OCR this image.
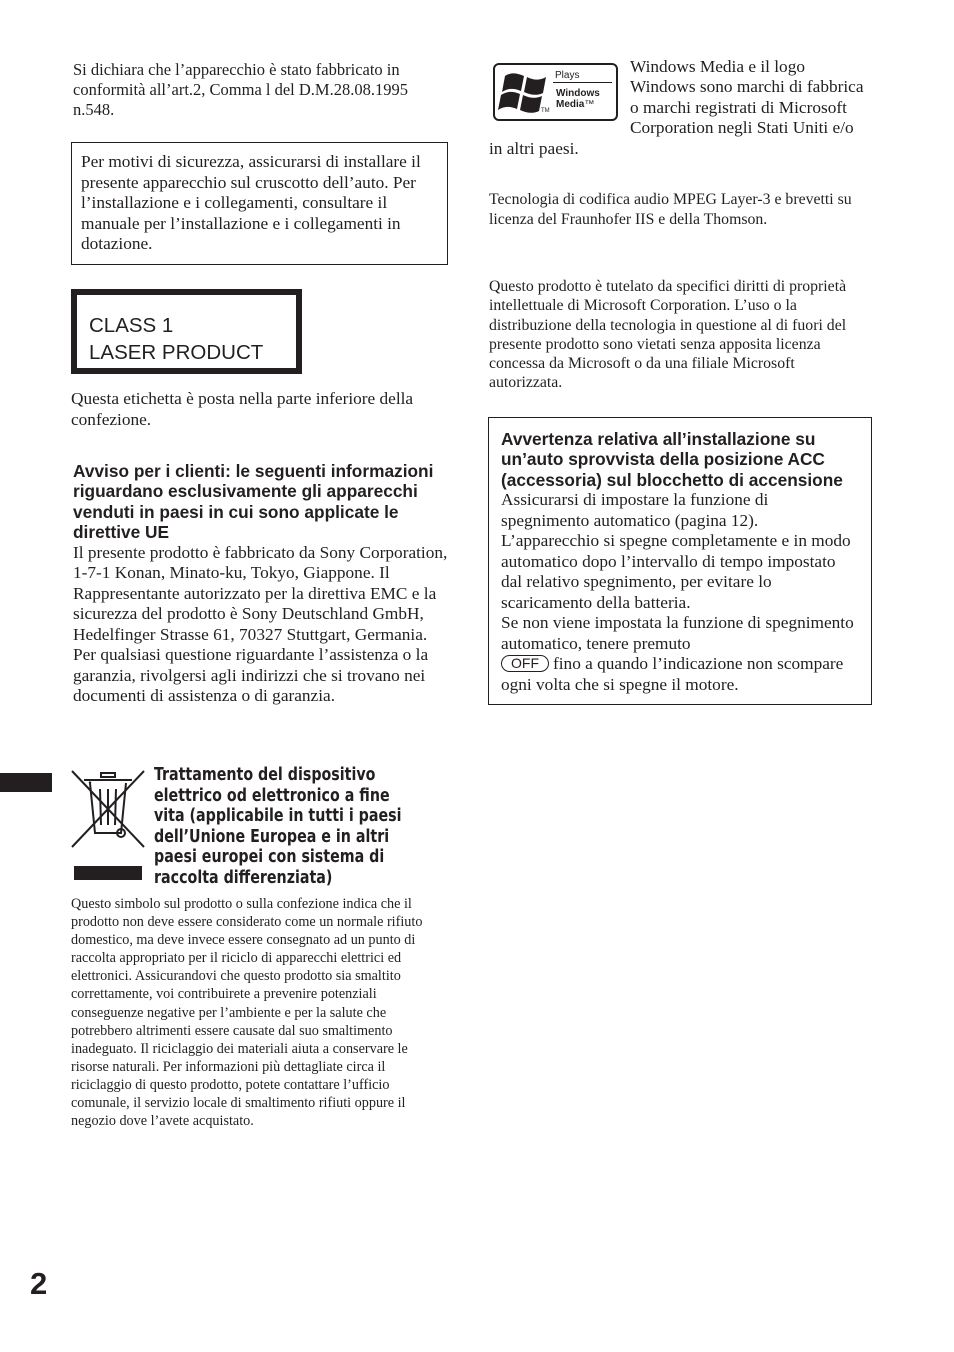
Si dichiara che l’apparecchio è stato fabbricato in conformità all’art.2, Comma l del D.M.28.08.1995 n.548.

Per motivi di sicurezza, assicurarsi di installare il presente apparecchio sul cruscotto dell’auto. Per l’installazione e i collegamenti, consultare il manuale per l’installazione e i collegamenti in dotazione.

CLASS 1
LASER PRODUCT

Questa etichetta è posta nella parte inferiore della confezione.

Avviso per i clienti: le seguenti informazioni riguardano esclusivamente gli apparecchi venduti in paesi in cui sono applicate le direttive UE

Il presente prodotto è fabbricato da Sony Corporation, 1-7-1 Konan, Minato-ku, Tokyo, Giappone. Il Rappresentante autorizzato per la direttiva EMC e la sicurezza del prodotto è Sony Deutschland GmbH, Hedelfinger Strasse 61, 70327 Stuttgart, Germania. Per qualsiasi questione riguardante l’assistenza o la garanzia, rivolgersi agli indirizzi che si trovano nei documenti di assistenza o di garanzia.

Trattamento del dispositivo elettrico od elettronico a fine vita (applicabile in tutti i paesi dell’Unione Europea e in altri paesi europei con sistema di raccolta differenziata)

Questo simbolo sul prodotto o sulla confezione indica che il prodotto non deve essere considerato come un normale rifiuto domestico, ma deve invece essere consegnato ad un punto di raccolta appropriato per il riciclo di apparecchi elettrici ed elettronici. Assicurandovi che questo prodotto sia smaltito correttamente, voi contribuirete a prevenire potenziali conseguenze negative per l’ambiente e per la salute che potrebbero altrimenti essere causate dal suo smaltimento inadeguato. Il riciclaggio dei materiali aiuta a conservare le risorse naturali. Per informazioni più dettagliate circa il riciclaggio di questo prodotto, potete contattare l’ufficio comunale, il servizio locale di smaltimento rifiuti oppure il negozio dove l’avete acquistato.

Plays
Windows
Media™
TM
Windows Media e il logo Windows sono marchi di fabbrica o marchi registrati di Microsoft Corporation negli Stati Uniti e/o in altri paesi.

Tecnologia di codifica audio MPEG Layer-3 e brevetti su licenza del Fraunhofer IIS e della Thomson.

Questo prodotto è tutelato da specifici diritti di proprietà intellettuale di Microsoft Corporation. L’uso o la distribuzione della tecnologia in questione al di fuori del presente prodotto sono vietati senza apposita licenza concessa da Microsoft o da una filiale Microsoft autorizzata.

Avvertenza relativa all’installazione su un’auto sprovvista della posizione ACC (accessoria) sul blocchetto di accensione

Assicurarsi di impostare la funzione di spegnimento automatico (pagina 12).

L’apparecchio si spegne completamente e in modo automatico dopo l’intervallo di tempo impostato dal relativo spegnimento, per evitare lo scaricamento della batteria.

Se non viene impostata la funzione di spegnimento automatico, tenere premuto
OFF fino a quando l’indicazione non scompare ogni volta che si spegne il motore.

2
